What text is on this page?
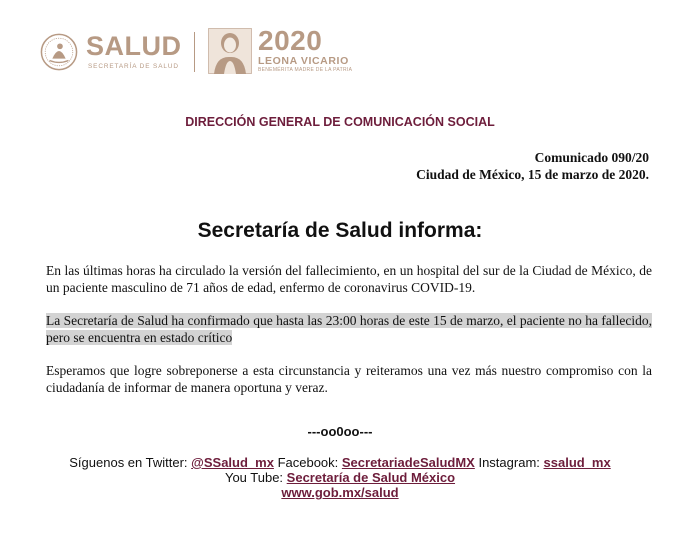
SALUD
SECRETARÍA DE SALUD
2020
LEONA VICARIO
BENEMÉRITA MADRE DE LA PATRIA
DIRECCIÓN GENERAL DE COMUNICACIÓN SOCIAL
Comunicado 090/20
Ciudad de México, 15 de marzo de 2020.
Secretaría de Salud informa:

En las últimas horas ha circulado la versión del fallecimiento, en un hospital del sur de la Ciudad de México, de un paciente masculino de 71 años de edad, enfermo de coronavirus COVID-19.

La Secretaría de Salud ha confirmado que hasta las 23:00 horas de este 15 de marzo, el paciente no ha fallecido, pero se encuentra en estado crítico

Esperamos que logre sobreponerse a esta circunstancia y reiteramos una vez más nuestro compromiso con la ciudadanía de informar de manera oportuna y veraz.

---oo0oo---
Síguenos en Twitter: @SSalud_mx Facebook: SecretariadeSaludMX Instagram: ssalud_mx
You Tube: Secretaría de Salud México
www.gob.mx/salud
